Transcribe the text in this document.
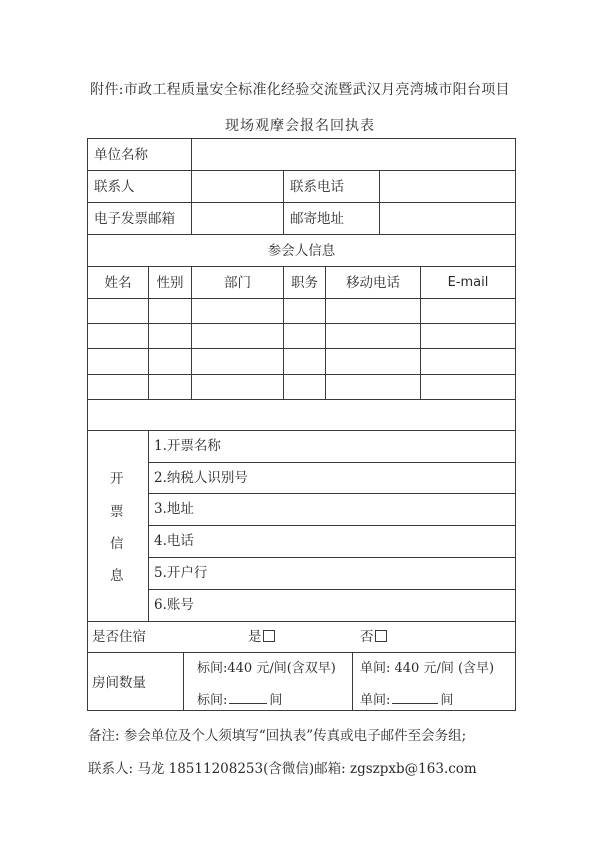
附件:市政工程质量安全标准化经验交流暨武汉月亮湾城市阳台项目
现场观摩会报名回执表
单位名称
联系人	联系电话
电子发票邮箱	邮寄地址
参会人信息
姓名	性别	部门	职务	移动电话	E-mail
开
票
信
息
1.开票名称
2.纳税人识别号
3.地址
4.电话
5.开户行
6.账号
是否住宿	是	否
房间数量
标间:440 元/间(含双早) 单间: 440 元/间 (含早)
标间:	间	单间:	间
备注: 参会单位及个人须填写“回执表”传真或电子邮件至会务组;
联系人: 马龙 18511208253(含微信)邮箱: zgszpxb@163.com
